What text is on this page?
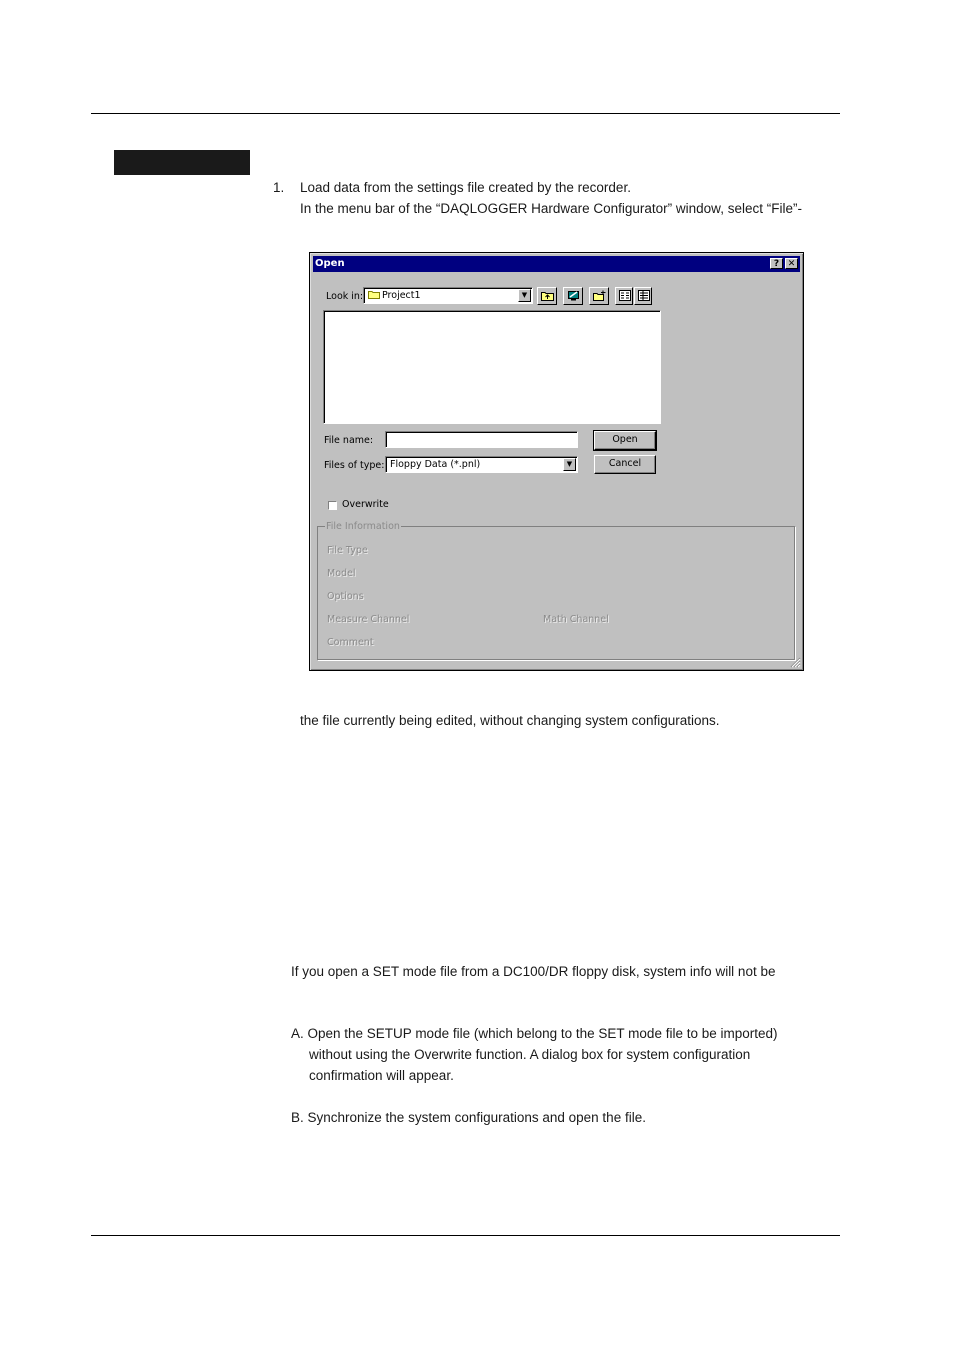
1. Load data from the settings file created by the recorder.
In the menu bar of the “DAQLOGGER Hardware Configurator” window, select “File”-
Open	? ✕
Look in:	Project1	▼
File name:	Open
Files of type: Floppy Data (*.pnl)	▼	Cancel
Overwrite
File Information
File Type
Model
Options
Measure Channel	Math Channel
Comment
the file currently being edited, without changing system configurations.
If you open a SET mode file from a DC100/DR floppy disk, system info will not be
A. Open the SETUP mode file (which belong to the SET mode file to be imported)
without using the Overwrite function. A dialog box for system configuration
confirmation will appear.
B. Synchronize the system configurations and open the file.
